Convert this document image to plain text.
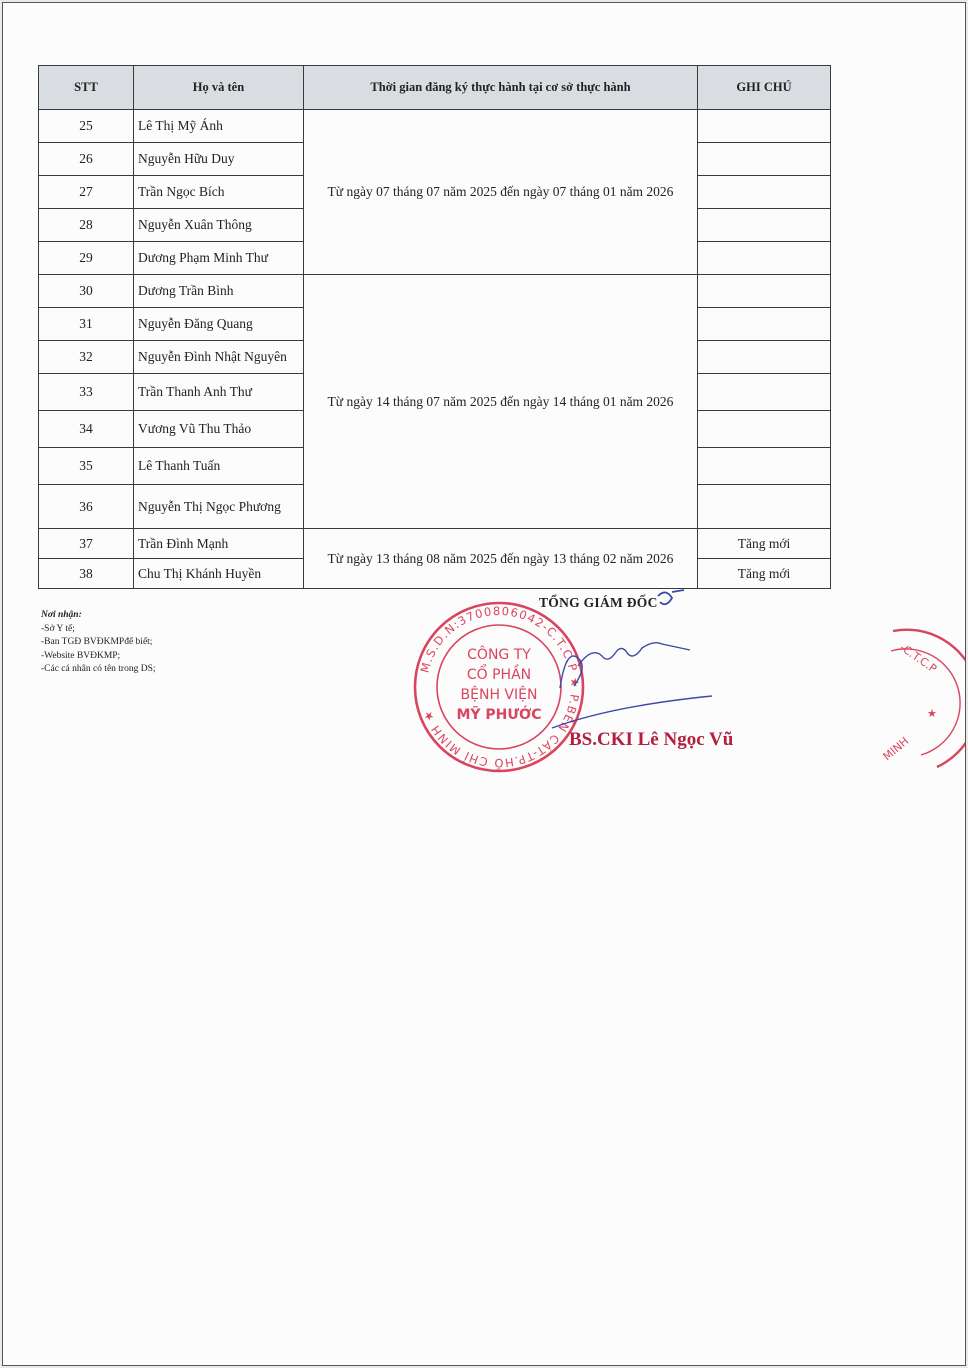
STT	Họ và tên	Thời gian đăng ký thực hành tại cơ sở thực hành	GHI CHÚ
25	Lê Thị Mỹ Ánh	Từ ngày 07 tháng 07 năm 2025 đến ngày 07 tháng 01 năm 2026	
26	Nguyễn Hữu Duy		
27	Trần Ngọc Bích		
28	Nguyễn Xuân Thông		
29	Dương Phạm Minh Thư		
30	Dương Trần Bình	Từ ngày 14 tháng 07 năm 2025 đến ngày 14 tháng 01 năm 2026	
31	Nguyễn Đăng Quang		
32	Nguyễn Đình Nhật Nguyên		
33	Trần Thanh Anh Thư		
34	Vương Vũ Thu Thảo		
35	Lê Thanh Tuấn		
36	Nguyễn Thị Ngọc Phương		
37	Trần Đình Mạnh	Từ ngày 13 tháng 08 năm 2025 đến ngày 13 tháng 02 năm 2026	Tăng mới
38	Chu Thị Khánh Huyền		Tăng mới
Nơi nhận:
-Sở Y tế;
-Ban TGĐ BVĐKMPđể biết;
-Website BVĐKMP;
-Các cá nhân có tên trong DS;
TỔNG GIÁM ĐỐC
M.S.D.N:3700806042-C.T.C.P ★ P.BẾN CÁT-TP.HỒ CHÍ MINH ★
CÔNG TY
CỔ PHẦN
BỆNH VIỆN
MỸ PHƯỚC
BS.CKI Lê Ngọc Vũ
-C.T.C.P
★
MINH
